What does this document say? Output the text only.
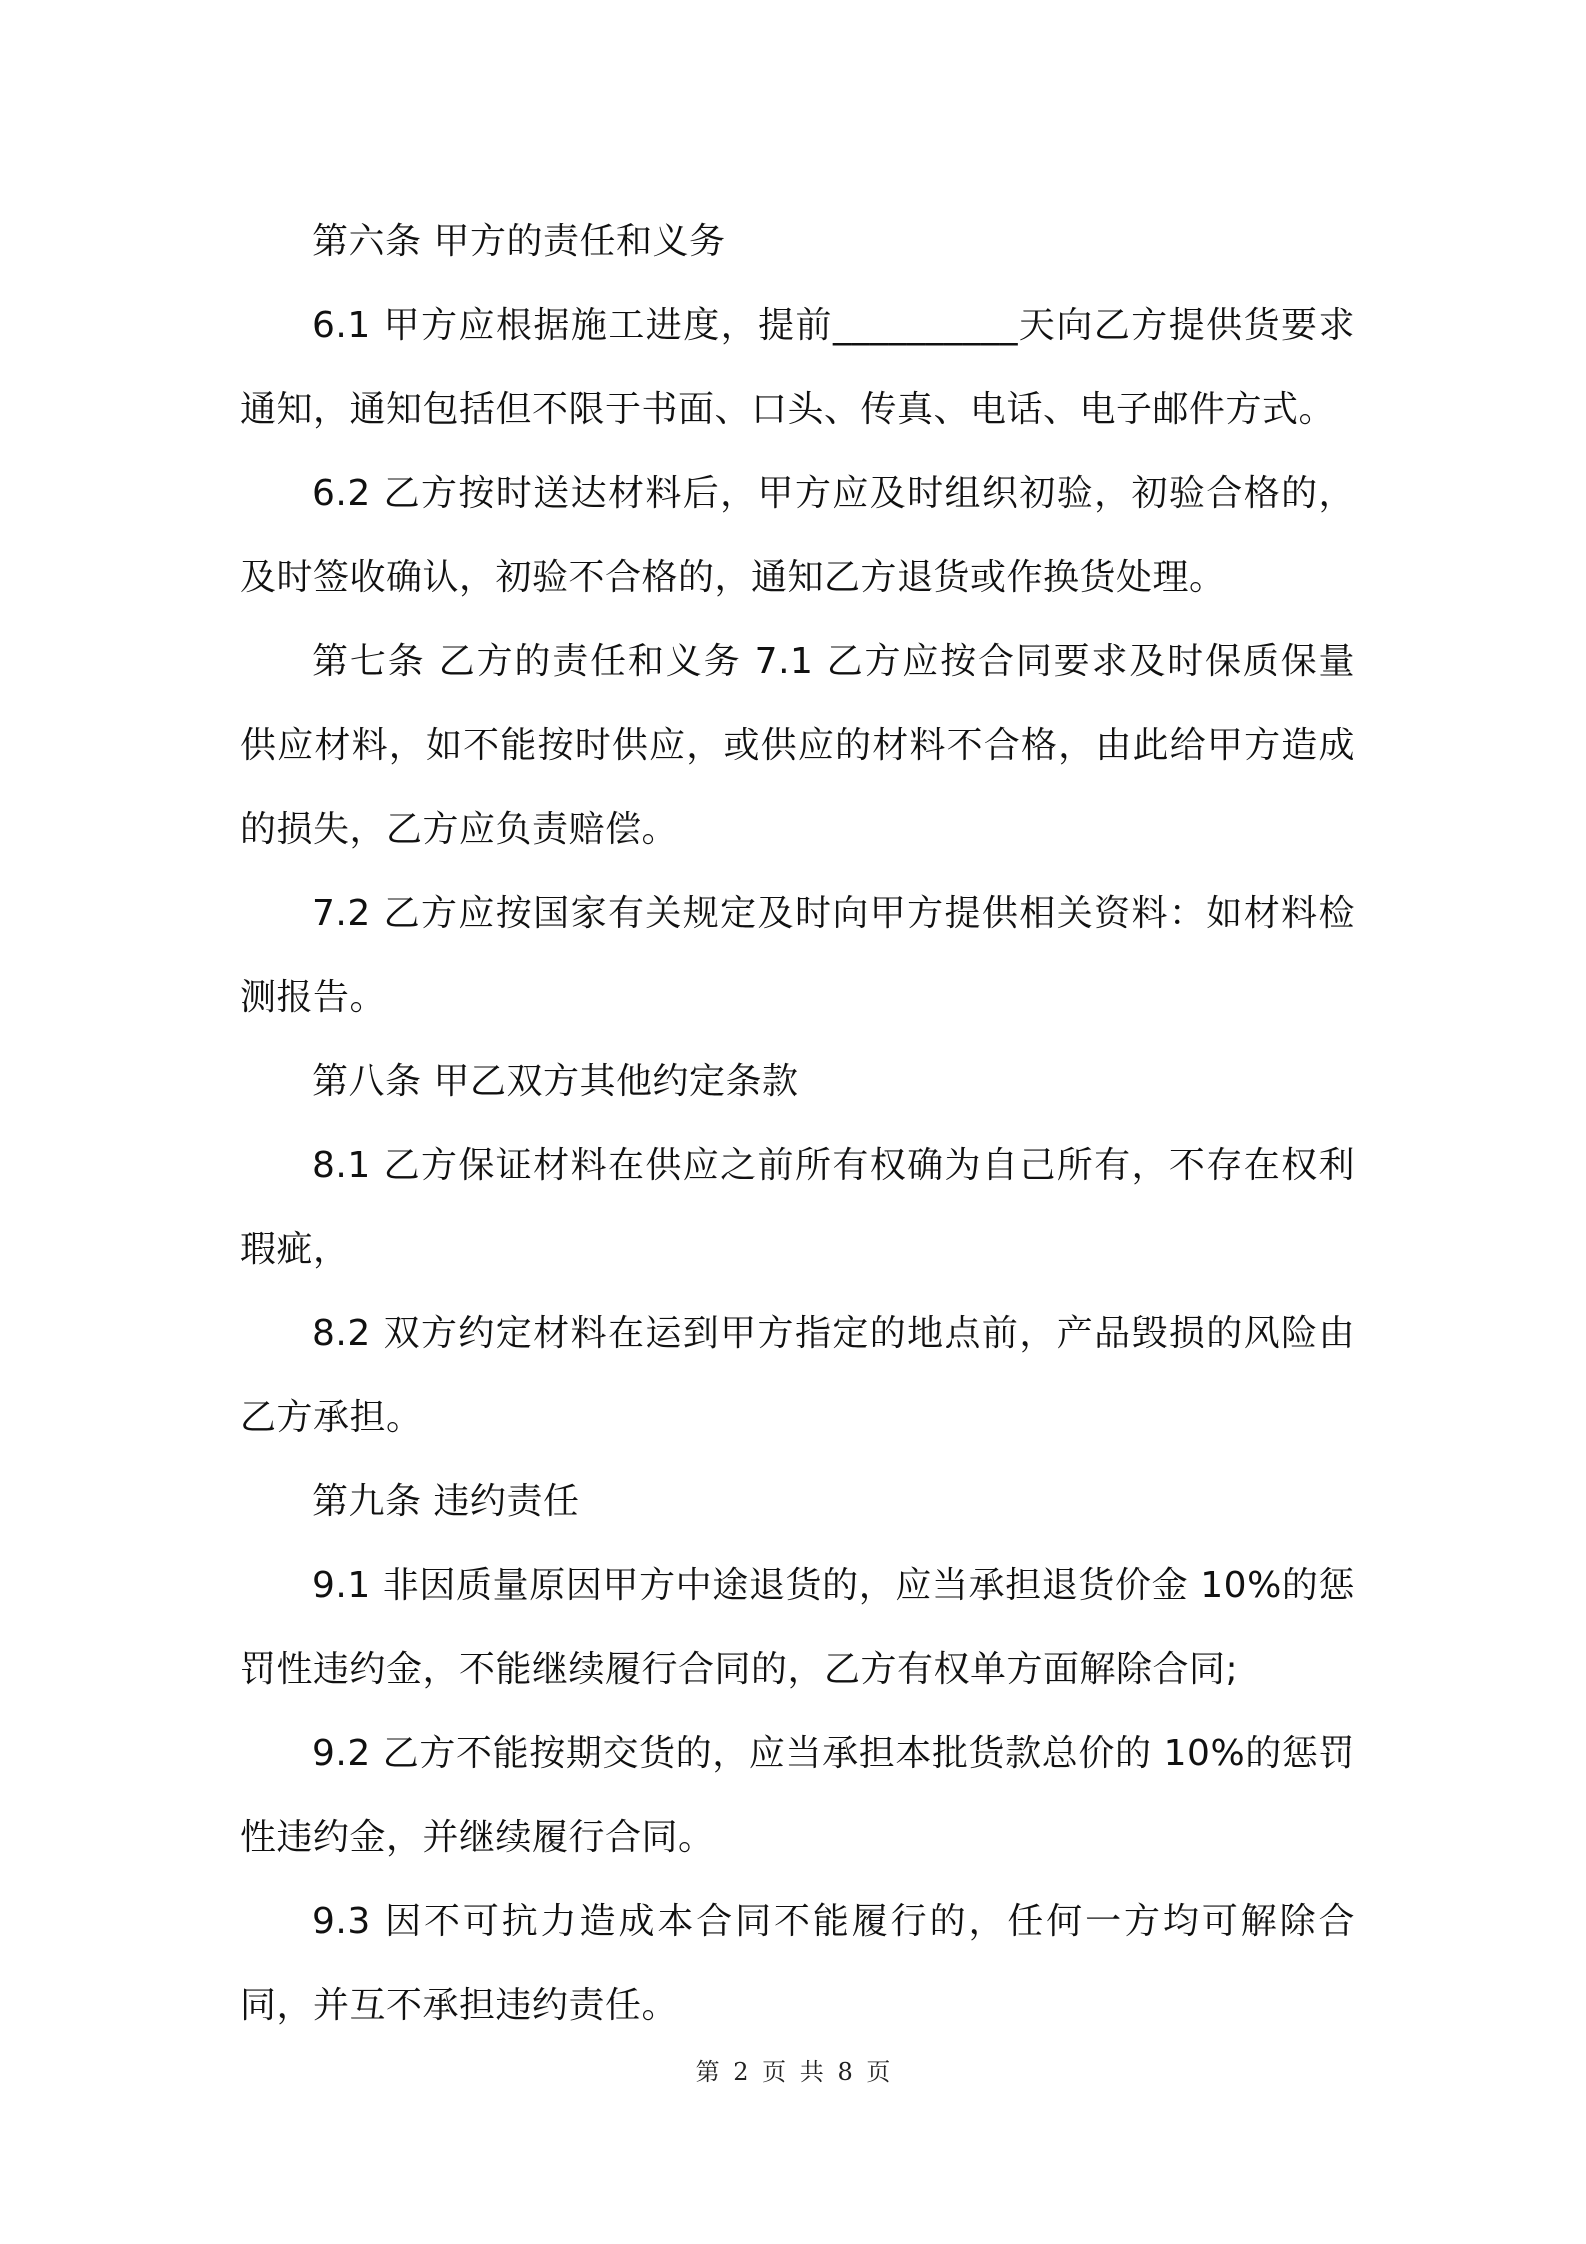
第六条 甲方的责任和义务

6.1 甲方应根据施工进度，提前__________天向乙方提供货要求通知，通知包括但不限于书面、口头、传真、电话、电子邮件方式。

6.2 乙方按时送达材料后，甲方应及时组织初验，初验合格的，及时签收确认，初验不合格的，通知乙方退货或作换货处理。

第七条 乙方的责任和义务 7.1 乙方应按合同要求及时保质保量供应材料，如不能按时供应，或供应的材料不合格，由此给甲方造成的损失，乙方应负责赔偿。

7.2 乙方应按国家有关规定及时向甲方提供相关资料：如材料检测报告。

第八条 甲乙双方其他约定条款

8.1 乙方保证材料在供应之前所有权确为自己所有，不存在权利瑕疵，

8.2 双方约定材料在运到甲方指定的地点前，产品毁损的风险由乙方承担。

第九条 违约责任

9.1 非因质量原因甲方中途退货的，应当承担退货价金 10%的惩罚性违约金，不能继续履行合同的，乙方有权单方面解除合同;

9.2 乙方不能按期交货的，应当承担本批货款总价的 10%的惩罚性违约金，并继续履行合同。

9.3 因不可抗力造成本合同不能履行的，任何一方均可解除合同，并互不承担违约责任。

第 2 页 共 8 页
